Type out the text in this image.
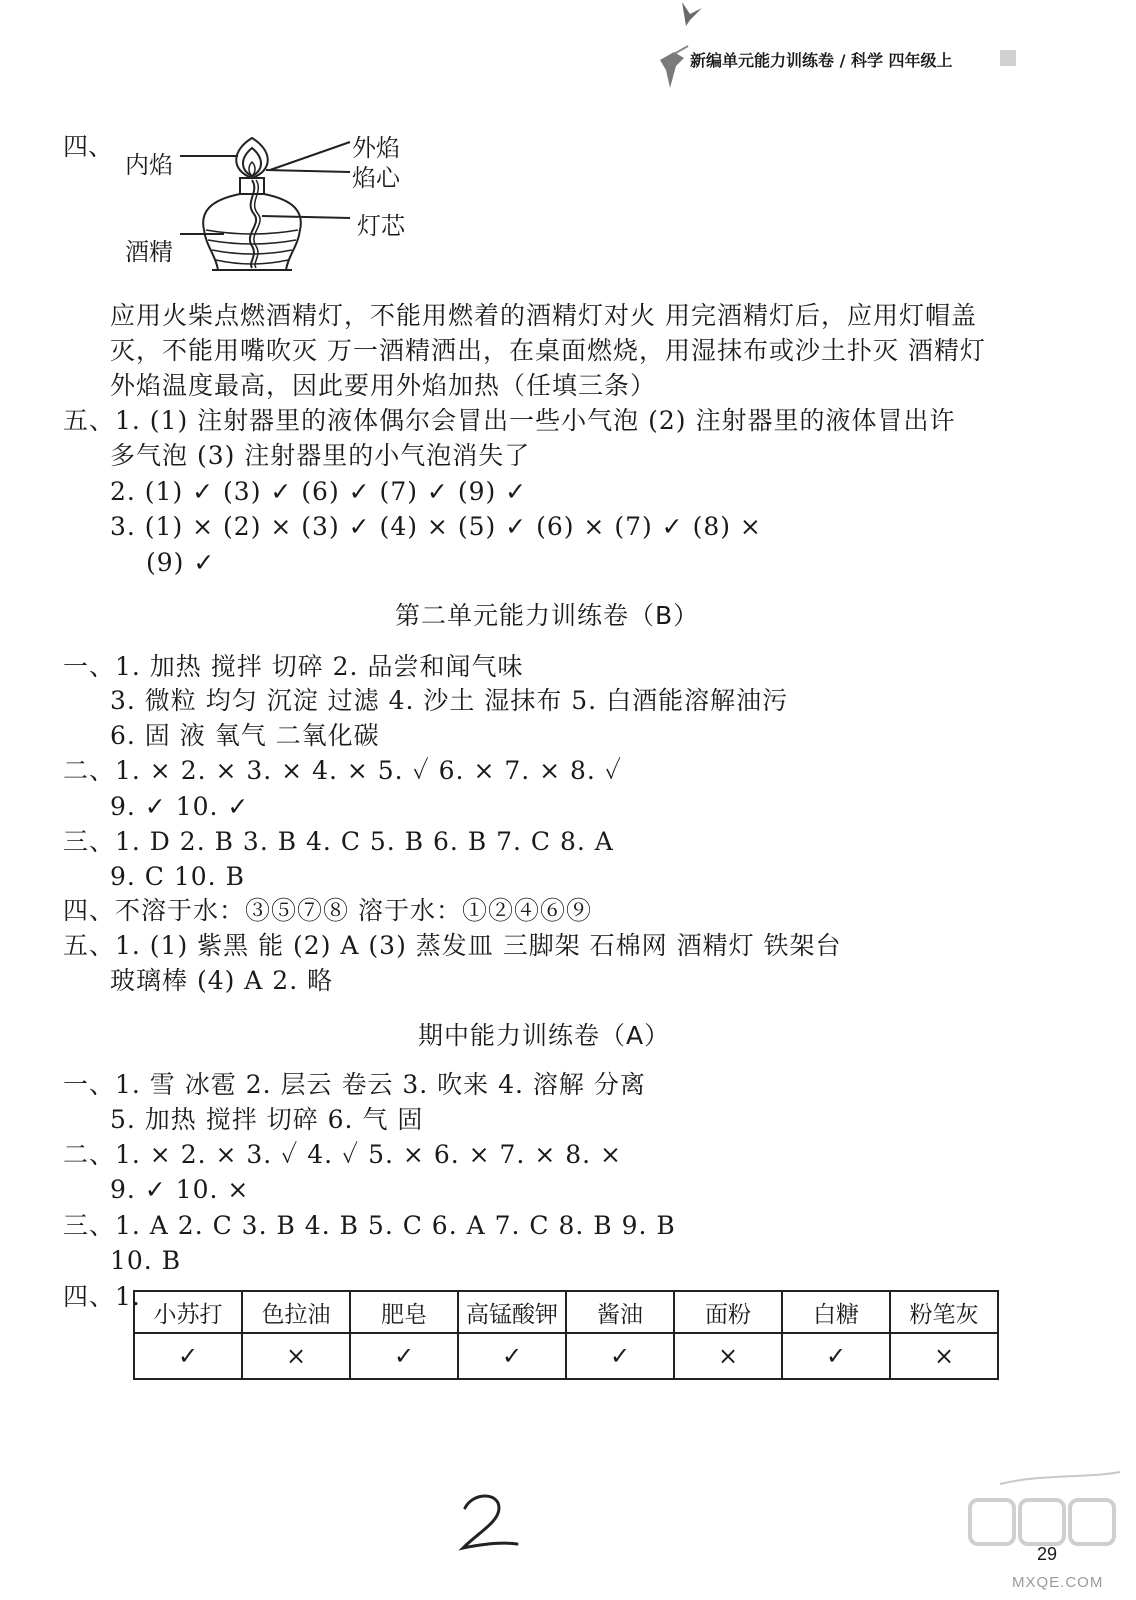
新编单元能力训练卷 / 科学 四年级上
四、
内焰
外焰
焰心
灯芯
酒精
应用火柴点燃酒精灯，不能用燃着的酒精灯对火 用完酒精灯后，应用灯帽盖
灭，不能用嘴吹灭 万一酒精洒出，在桌面燃烧，用湿抹布或沙土扑灭 酒精灯
外焰温度最高，因此要用外焰加热（任填三条）
五、1. (1) 注射器里的液体偶尔会冒出一些小气泡 (2) 注射器里的液体冒出许
多气泡 (3) 注射器里的小气泡消失了
2. (1) ✓ (3) ✓ (6) ✓ (7) ✓ (9) ✓
3. (1) × (2) × (3) ✓ (4) × (5) ✓ (6) × (7) ✓ (8) ×
(9) ✓
第二单元能力训练卷（B）
一、1. 加热 搅拌 切碎 2. 品尝和闻气味
3. 微粒 均匀 沉淀 过滤 4. 沙土 湿抹布 5. 白酒能溶解油污
6. 固 液 氧气 二氧化碳
二、1. × 2. × 3. × 4. × 5. ✓ 6. × 7. × 8. ✓
9. ✓ 10. ✓
三、1. D 2. B 3. B 4. C 5. B 6. B 7. C 8. A
9. C 10. B
四、不溶于水：③⑤⑦⑧ 溶于水：①②④⑥⑨
五、1. (1) 紫黑 能 (2) A (3) 蒸发皿 三脚架 石棉网 酒精灯 铁架台
玻璃棒 (4) A 2. 略
期中能力训练卷（A）
一、1. 雪 冰雹 2. 层云 卷云 3. 吹来 4. 溶解 分离
5. 加热 搅拌 切碎 6. 气 固
二、1. × 2. × 3. ✓ 4. ✓ 5. × 6. × 7. × 8. ×
9. ✓ 10. ×
三、1. A 2. C 3. B 4. B 5. C 6. A 7. C 8. B 9. B
10. B
四、1.
小苏打	色拉油	肥皂	高锰酸钾	酱油	面粉	白糖	粉笔灰
✓	×	✓	✓	✓	×	✓	×
29
MXQE.COM
